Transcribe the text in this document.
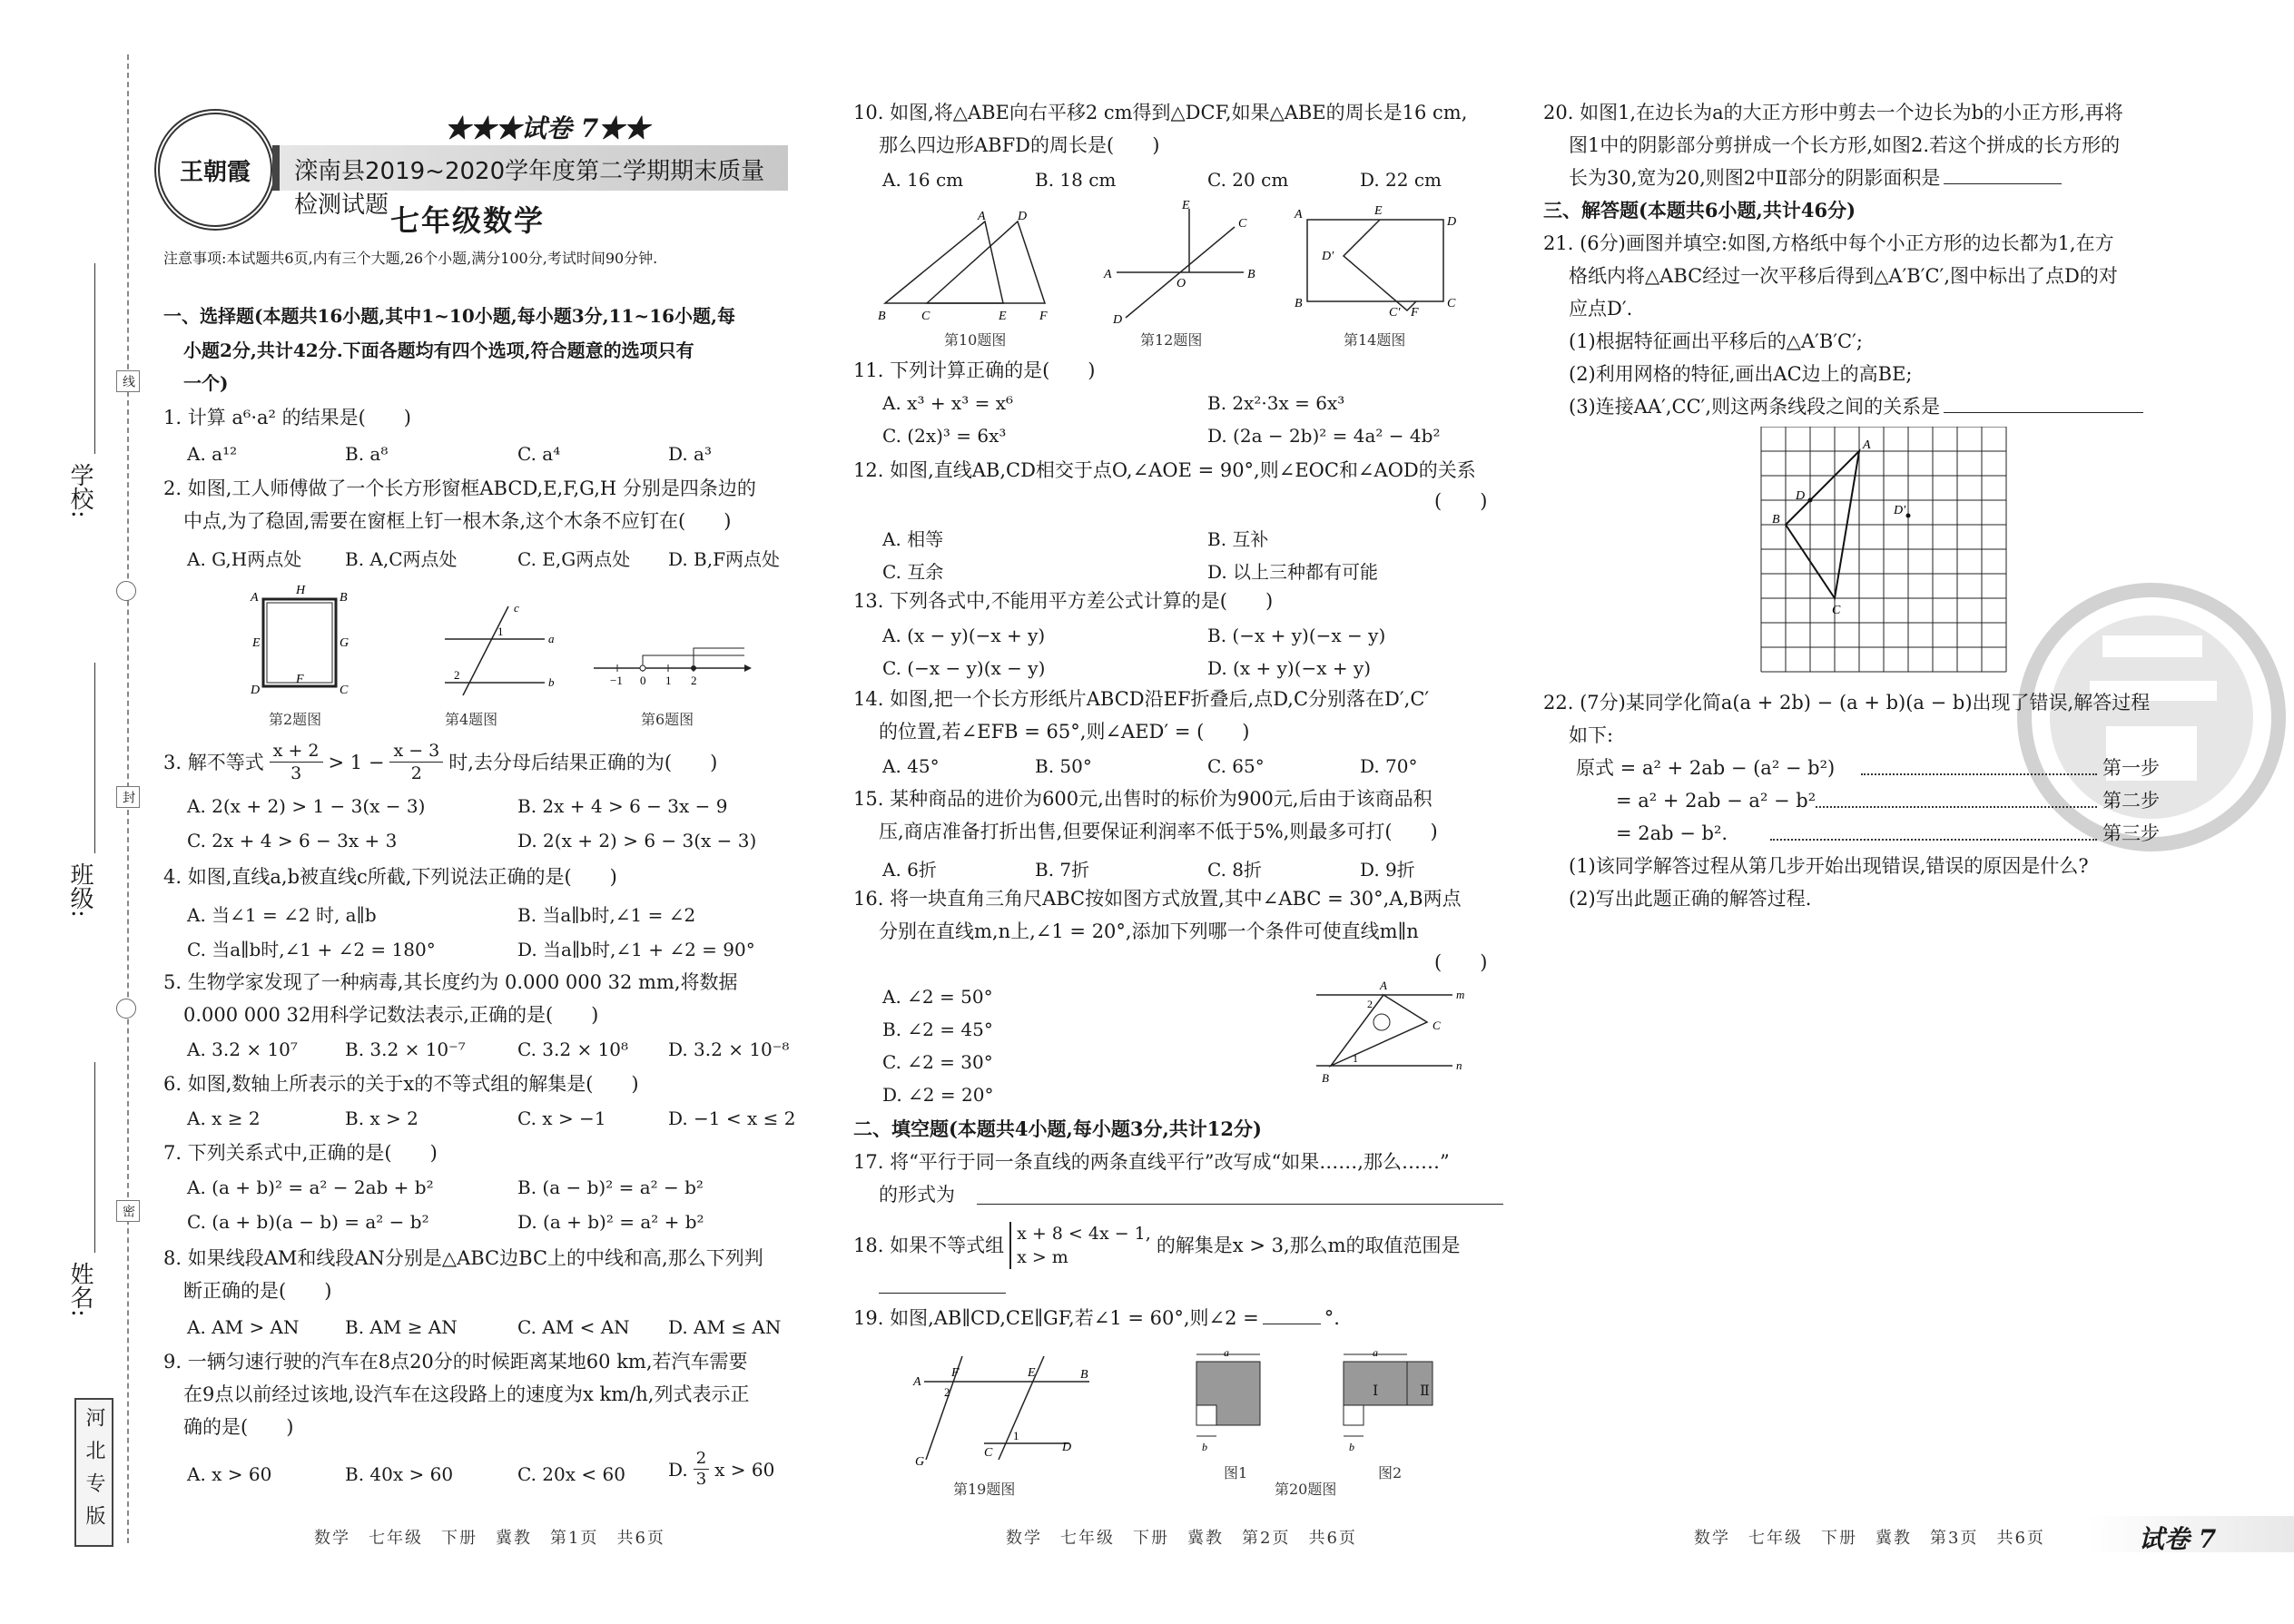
学校:
班级:
姓名:
线
封
密
河北专版
王朝霞
★★★试卷 7★★
滦南县2019~2020学年度第二学期期末质量检测试题 七年级数学
注意事项:本试题共6页,内有三个大题,26个小题,满分100分,考试时间90分钟.
一、选择题(本题共16小题,其中1~10小题,每小题3分,11~16小题,每
小题2分,共计42分.下面各题均有四个选项,符合题意的选项只有
一个)
1. 计算 a⁶·a² 的结果是(　　)
A. a¹²	B. a⁸	C. a⁴	D. a³
2. 如图,工人师傅做了一个长方形窗框ABCD,E,F,G,H 分别是四条边的
中点,为了稳固,需要在窗框上钉一根木条,这个木条不应钉在(　　)
A. G,H两点处 B. A,C两点处	C. E,G两点处 D. B,F两点处
A	B
D	C
H
F
E	G
c
a
b
1
2	−1 0 1 2
第2题图	第4题图	第6题图
3. 解不等式
x + 2
3
> $1 - \frac{x - 3}{2}$ 时,去分母后结果正确的为(　　)
A. 2(x + 2) > 1 − 3(x − 3)	B. 2x + 4 > 6 − 3x − 9
C. 2x + 4 > 6 − 3x + 3	D. 2(x + 2) > 6 − 3(x − 3)
4. 如图,直线a,b被直线c所截,下列说法正确的是(　　)
A. 当∠1 = ∠2 时, a∥b	B. 当a∥b时,∠1 = ∠2
C. 当a∥b时,∠1 + ∠2 = 180°	D. 当a∥b时,∠1 + ∠2 = 90°
5. 生物学家发现了一种病毒,其长度约为 0.000 000 32 mm,将数据
0.000 000 32用科学记数法表示,正确的是(　　)
A. 3.2 × 10⁷	B. 3.2 × 10⁻⁷	C. 3.2 × 10⁸ D. 3.2 × 10⁻⁸
6. 如图,数轴上所表示的关于x的不等式组的解集是(　　)
A. x ≥ 2	B. x > 2	C. x > −1	D. −1 < x ≤ 2
7. 下列关系式中,正确的是(　　)
A. (a + b)² = a² − 2ab + b²	B. (a − b)² = a² − b²
C. (a + b)(a − b) = a² − b²	D. (a + b)² = a² + b²
8. 如果线段AM和线段AN分别是△ABC边BC上的中线和高,那么下列判
断正确的是(　　)
A. AM > AN	B. AM ≥ AN	C. AM < AN D. AM ≤ AN
9. 一辆匀速行驶的汽车在8点20分的时候距离某地60 km,若汽车需要
在9点以前经过该地,设汽车在这段路上的速度为x km/h,列式表示正
确的是(　　)
A. x > 60	B. 40x > 60	C. 20x < 60 D. $\frac{2}{3}$ x > 60
数学　七年级　下册　冀教　第1页　共6页
10. 如图,将△ABE向右平移2 cm得到△DCF,如果△ABE的周长是16 cm,
那么四边形ABFD的周长是(　　)
A. 16 cm	B. 18 cm	C. 20 cm	D. 22 cm
B	C	E	F
A	D
A	B
E
C
D
O
A	E
D
C
B
F
D′
C′
第10题图	第12题图	第14题图
11. 下列计算正确的是(　　)
A. x³ + x³ = x⁶	B. 2x²·3x = 6x³
C. (2x)³ = 6x³	D. (2a − 2b)² = 4a² − 4b²
12. 如图,直线AB,CD相交于点O,∠AOE = 90°,则∠EOC和∠AOD的关系
(　　)
A. 相等	B. 互补
C. 互余	D. 以上三种都有可能
13. 下列各式中,不能用平方差公式计算的是(　　)
A. (x − y)(−x + y)	B. (−x + y)(−x − y)
C. (−x − y)(x − y)	D. (x + y)(−x + y)
14. 如图,把一个长方形纸片ABCD沿EF折叠后,点D,C分别落在D′,C′
的位置,若∠EFB = 65°,则∠AED′ = (　　)
A. 45°	B. 50°	C. 65°	D. 70°
15. 某种商品的进价为600元,出售时的标价为900元,后由于该商品积
压,商店准备打折出售,但要保证利润率不低于5%,则最多可打(　　)
A. 6折	B. 7折	C. 8折	D. 9折
16. 将一块直角三角尺ABC按如图方式放置,其中∠ABC = 30°,A,B两点
分别在直线m,n上,∠1 = 20°,添加下列哪一个条件可使直线m∥n
(　　)
A. ∠2 = 50°
B. ∠2 = 45°
C. ∠2 = 30°
D. ∠2 = 20°
A
B
C
m
n
2
1
二、填空题(本题共4小题,每小题3分,共计12分)
17. 将“平行于同一条直线的两条直线平行”改写成“如果……,那么……”
的形式为
18. 如果不等式组
x + 8 < 4x − 1,
x > m
的解集是x > 3,那么m的取值范围是
19. 如图,AB∥CD,CE∥GF,若∠1 = 60°,则∠2 =	°.
A
B
F	E
G
C	D
2
1
a
b
a
b
Ⅰ	Ⅱ
第19题图	第20题图
图1	图2
数学　七年级　下册　冀教　第2页　共6页
20. 如图1,在边长为a的大正方形中剪去一个边长为b的小正方形,再将
图1中的阴影部分剪拼成一个长方形,如图2.若这个拼成的长方形的
长为30,宽为20,则图2中Ⅱ部分的阴影面积是
三、解答题(本题共6小题,共计46分)
21. (6分)画图并填空:如图,方格纸中每个小正方形的边长都为1,在方
格纸内将△ABC经过一次平移后得到△A′B′C′,图中标出了点D的对
应点D′.
(1)根据特征画出平移后的△A′B′C′;
(2)利用网格的特征,画出AC边上的高BE;
(3)连接AA′,CC′,则这两条线段之间的关系是
A
B
C
D
D′
22. (7分)某同学化简a(a + 2b) − (a + b)(a − b)出现了错误,解答过程
如下:
原式 = a² + 2ab − (a² − b²)
= a² + 2ab − a² − b²
= 2ab − b².
第一步
第二步
第三步
(1)该同学解答过程从第几步开始出现错误,错误的原因是什么?
(2)写出此题正确的解答过程.
数学　七年级　下册　冀教　第3页　共6页	试卷 7
